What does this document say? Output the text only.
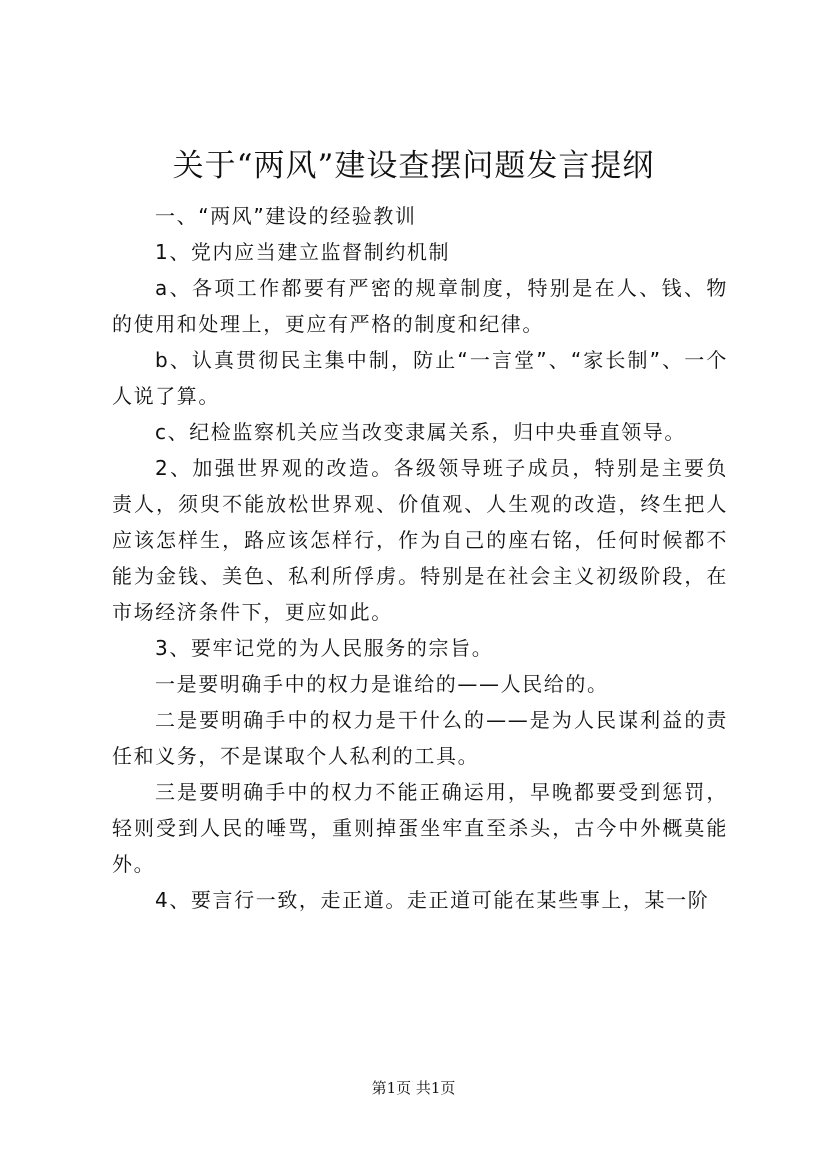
关于“两风”建设查摆问题发言提纲

一、“两风”建设的经验教训

1、党内应当建立监督制约机制

a、各项工作都要有严密的规章制度，特别是在人、钱、物的使用和处理上，更应有严格的制度和纪律。

b、认真贯彻民主集中制，防止“一言堂”、“家长制”、一个人说了算。

c、纪检监察机关应当改变隶属关系，归中央垂直领导。

2、加强世界观的改造。各级领导班子成员，特别是主要负责人，须臾不能放松世界观、价值观、人生观的改造，终生把人应该怎样生，路应该怎样行，作为自己的座右铭，任何时候都不能为金钱、美色、私利所俘虏。特别是在社会主义初级阶段，在市场经济条件下，更应如此。

3、要牢记党的为人民服务的宗旨。

一是要明确手中的权力是谁给的——人民给的。

二是要明确手中的权力是干什么的——是为人民谋利益的责任和义务，不是谋取个人私利的工具。

三是要明确手中的权力不能正确运用，早晚都要受到惩罚，轻则受到人民的唾骂，重则掉蛋坐牢直至杀头，古今中外概莫能外。

4、要言行一致，走正道。走正道可能在某些事上，某一阶

第1页 共1页
